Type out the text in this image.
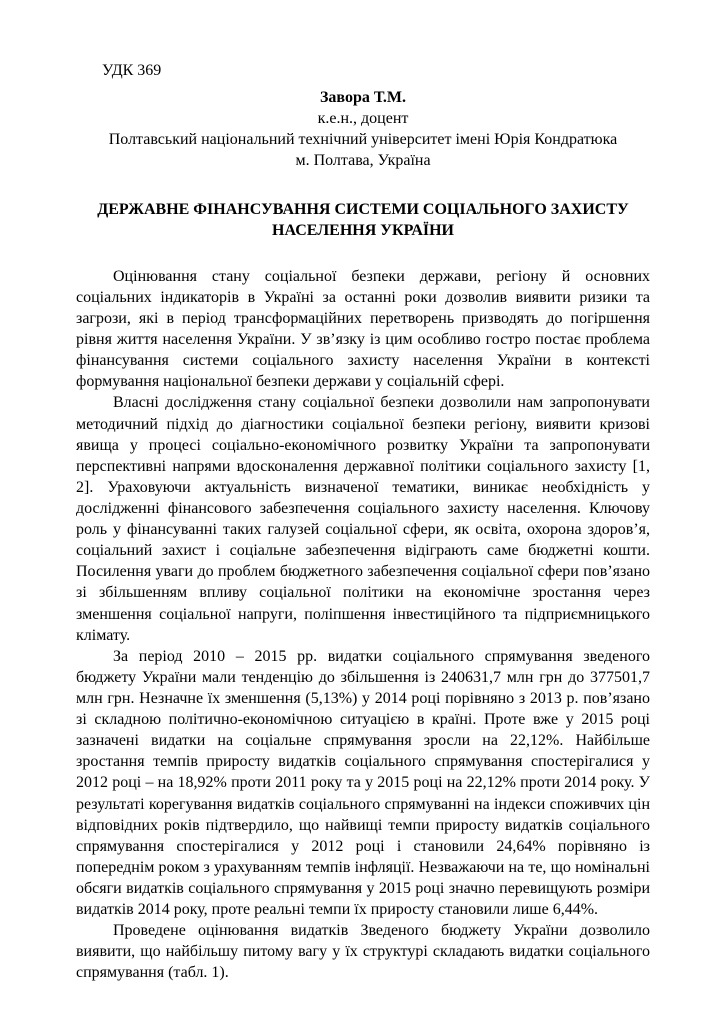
УДК 369

Завора Т.М.

к.е.н., доцент

Полтавський національний технічний університет імені Юрія Кондратюка

м. Полтава, Україна

ДЕРЖАВНЕ ФІНАНСУВАННЯ СИСТЕМИ СОЦІАЛЬНОГО ЗАХИСТУ НАСЕЛЕННЯ УКРАЇНИ

Оцінювання стану соціальної безпеки держави, регіону й основних соціальних індикаторів в Україні за останні роки дозволив виявити ризики та загрози, які в період трансформаційних перетворень призводять до погіршення рівня життя населення України. У зв’язку із цим особливо гостро постає проблема фінансування системи соціального захисту населення України в контексті формування національної безпеки держави у соціальній сфері.

Власні дослідження стану соціальної безпеки дозволили нам запропонувати методичний підхід до діагностики соціальної безпеки регіону, виявити кризові явища у процесі соціально-економічного розвитку України та запропонувати перспективні напрями вдосконалення державної політики соціального захисту [1, 2]. Ураховуючи актуальність визначеної тематики, виникає необхідність у дослідженні фінансового забезпечення соціального захисту населення. Ключову роль у фінансуванні таких галузей соціальної сфери, як освіта, охорона здоров’я, соціальний захист і соціальне забезпечення відіграють саме бюджетні кошти. Посилення уваги до проблем бюджетного забезпечення соціальної сфери пов’язано зі збільшенням впливу соціальної політики на економічне зростання через зменшення соціальної напруги, поліпшення інвестиційного та підприємницького клімату.

За період 2010 – 2015 рр. видатки соціального спрямування зведеного бюджету України мали тенденцію до збільшення із 240631,7 млн грн до 377501,7 млн грн. Незначне їх зменшення (5,13%) у 2014 році порівняно з 2013 р. пов’язано зі складною політично-економічною ситуацією в країні. Проте вже у 2015 році зазначені видатки на соціальне спрямування зросли на 22,12%. Найбільше зростання темпів приросту видатків соціального спрямування спостерігалися у 2012 році – на 18,92% проти 2011 року та у 2015 році на 22,12% проти 2014 року. У результаті корегування видатків соціального спрямуванні на індекси споживчих цін відповідних років підтвердило, що найвищі темпи приросту видатків соціального спрямування спостерігалися у 2012 році і становили 24,64% порівняно із попереднім роком з урахуванням темпів інфляції. Незважаючи на те, що номінальні обсяги видатків соціального спрямування у 2015 році значно перевищують розміри видатків 2014 року, проте реальні темпи їх приросту становили лише 6,44%.

Проведене оцінювання видатків Зведеного бюджету України дозволило виявити, що найбільшу питому вагу у їх структурі складають видатки соціального спрямування (табл. 1).
